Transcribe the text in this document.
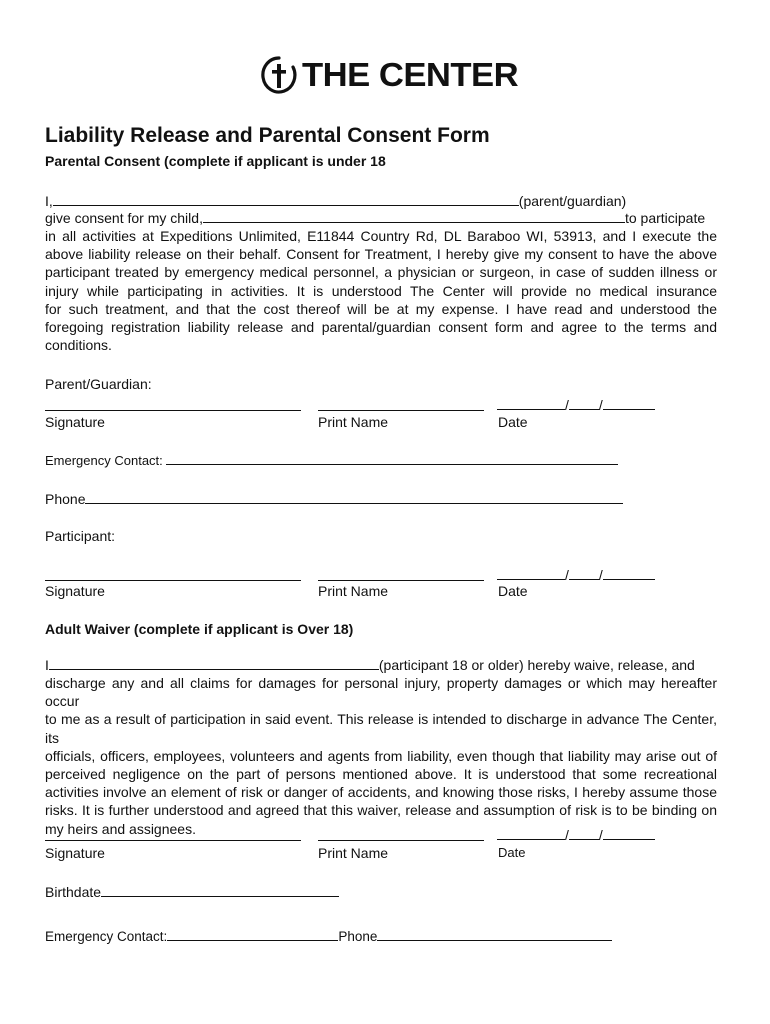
THE CENTER
Liability Release and Parental Consent Form
Parental Consent (complete if applicant is under 18
I,	(parent/guardian)
give consent for my child,	to participate
in all activities at Expeditions Unlimited, E11844 Country Rd, DL Baraboo WI, 53913, and I execute the
above liability release on their behalf. Consent for Treatment, I hereby give my consent to have the above
participant treated by emergency medical personnel, a physician or surgeon, in case of sudden illness or
injury while participating in activities. It is understood The Center will provide no medical insurance
for such treatment, and that the cost thereof will be at my expense. I have read and understood the
foregoing registration liability release and parental/guardian consent form and agree to the terms and
conditions.
Parent/Guardian:
/ /
Signature	Print Name	Date
Emergency Contact:
Phone
Participant:
/ /
Signature	Print Name	Date
Adult Waiver (complete if applicant is Over 18)
I	(participant 18 or older) hereby waive, release, and
discharge any and all claims for damages for personal injury, property damages or which may hereafter occur
to me as a result of participation in said event. This release is intended to discharge in advance The Center, its
officials, officers, employees, volunteers and agents from liability, even though that liability may arise out of
perceived negligence on the part of persons mentioned above. It is understood that some recreational
activities involve an element of risk or danger of accidents, and knowing those risks, I hereby assume those
risks. It is further understood and agreed that this waiver, release and assumption of risk is to be binding on
my heirs and assignees.	/ /
Signature	Print Name	Date
Birthdate
Emergency Contact:	Phone
